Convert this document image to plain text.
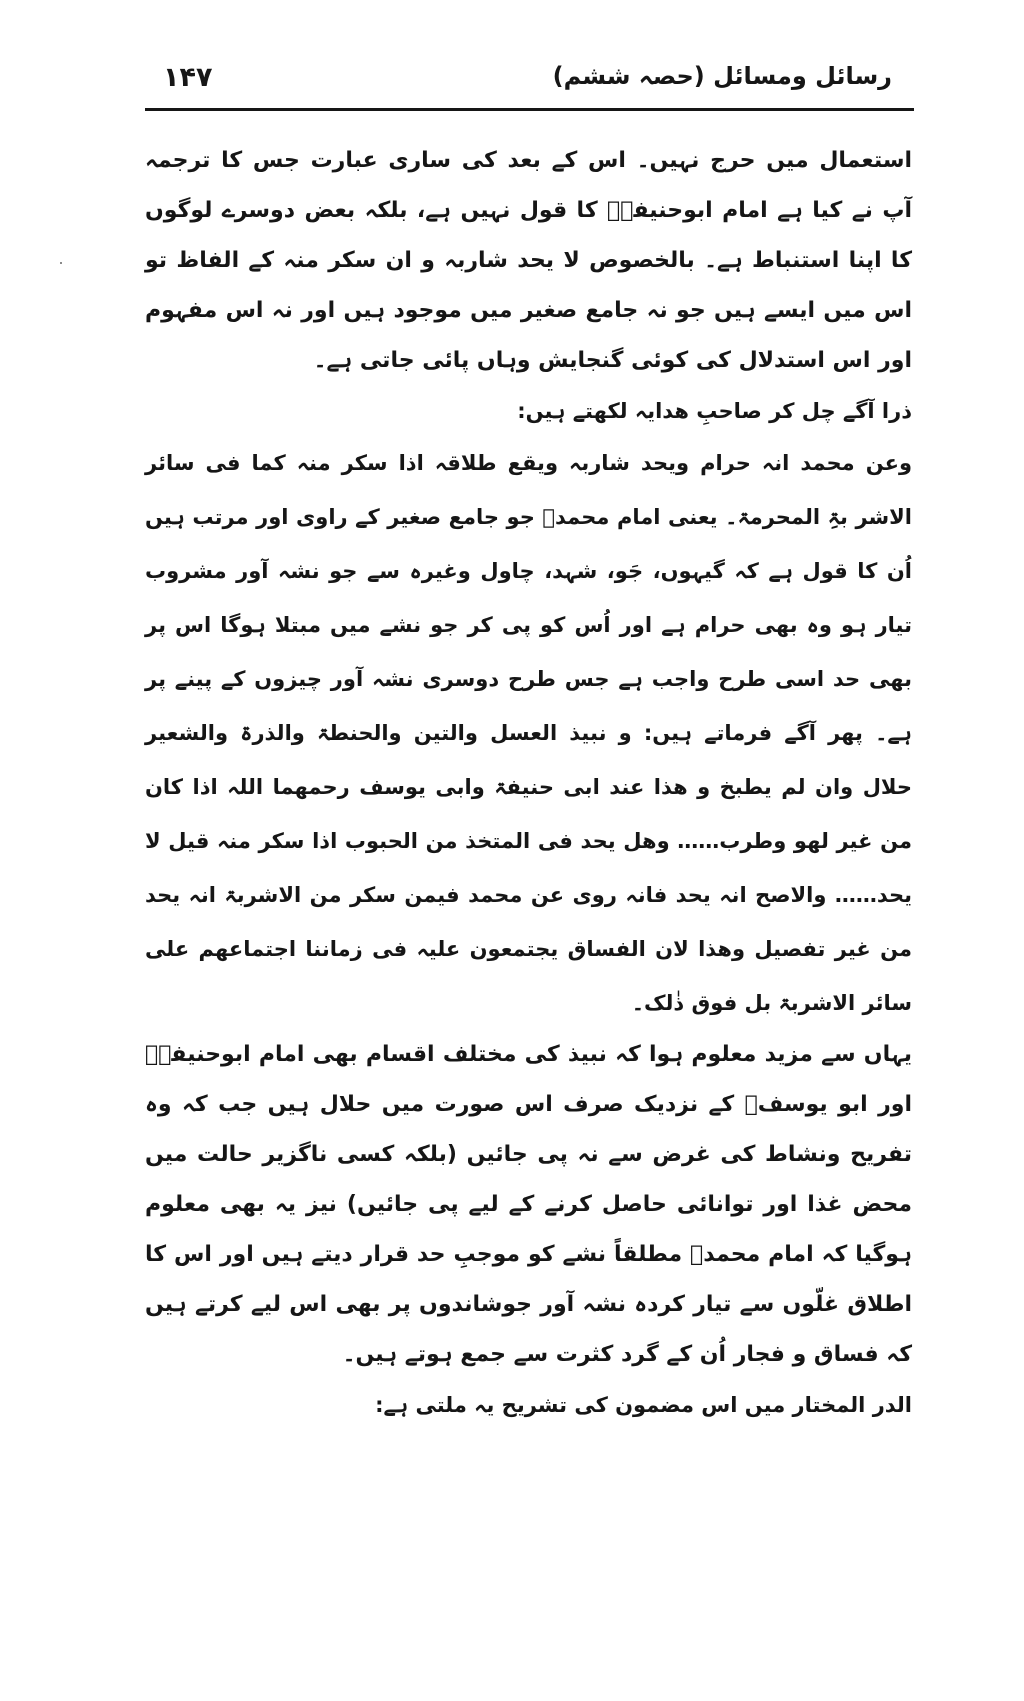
۱۴۷	رسائل ومسائل (حصہ ششم)

استعمال میں حرج نہیں۔ اس کے بعد کی ساری عبارت جس کا ترجمہ آپ نے کیا ہے امام ابوحنیفہؒ کا قول نہیں ہے، بلکہ بعض دوسرے لوگوں کا اپنا استنباط ہے۔ بالخصوص لا یحد شاربہ و ان سکر منہ کے الفاظ تو اس میں ایسے ہیں جو نہ جامع صغیر میں موجود ہیں اور نہ اس مفہوم اور اس استدلال کی کوئی گنجایش وہاں پائی جاتی ہے۔

ذرا آگے چل کر صاحبِ ھدایہ لکھتے ہیں:

وعن محمد انہ حرام ویحد شاربہ ویقع طلاقہ اذا سکر منہ کما فی سائر الاشر بۃِ المحرمۃ۔ یعنی امام محمدؒ جو جامع صغیر کے راوی اور مرتب ہیں اُن کا قول ہے کہ گیہوں، جَو، شہد، چاول وغیرہ سے جو نشہ آور مشروب تیار ہو وہ بھی حرام ہے اور اُس کو پی کر جو نشے میں مبتلا ہوگا اس پر بھی حد اسی طرح واجب ہے جس طرح دوسری نشہ آور چیزوں کے پینے پر ہے۔ پھر آگے فرماتے ہیں: و نبیذ العسل والتین والحنطۃ والذرۃ والشعیر حلال وان لم یطبخ و ھذا عند ابی حنیفۃ وابی یوسف رحمھما اللہ اذا کان من غیر لھو وطرب…… وھل یحد فی المتخذ من الحبوب اذا سکر منہ قیل لا یحد…… والاصح انہ یحد فانہ روی عن محمد فیمن سکر من الاشربۃ انہ یحد من غیر تفصیل وھذا لان الفساق یجتمعون علیہ فی زماننا اجتماعھم علی سائر الاشربۃ بل فوق ذٰلک۔

یہاں سے مزید معلوم ہوا کہ نبیذ کی مختلف اقسام بھی امام ابوحنیفہؒ اور ابو یوسفؒ کے نزدیک صرف اس صورت میں حلال ہیں جب کہ وہ تفریح ونشاط کی غرض سے نہ پی جائیں (بلکہ کسی ناگزیر حالت میں محض غذا اور توانائی حاصل کرنے کے لیے پی جائیں) نیز یہ بھی معلوم ہوگیا کہ امام محمدؒ مطلقاً نشے کو موجبِ حد قرار دیتے ہیں اور اس کا اطلاق غلّوں سے تیار کردہ نشہ آور جوشاندوں پر بھی اس لیے کرتے ہیں کہ فساق و فجار اُن کے گرد کثرت سے جمع ہوتے ہیں۔

الدر المختار میں اس مضمون کی تشریح یہ ملتی ہے:
